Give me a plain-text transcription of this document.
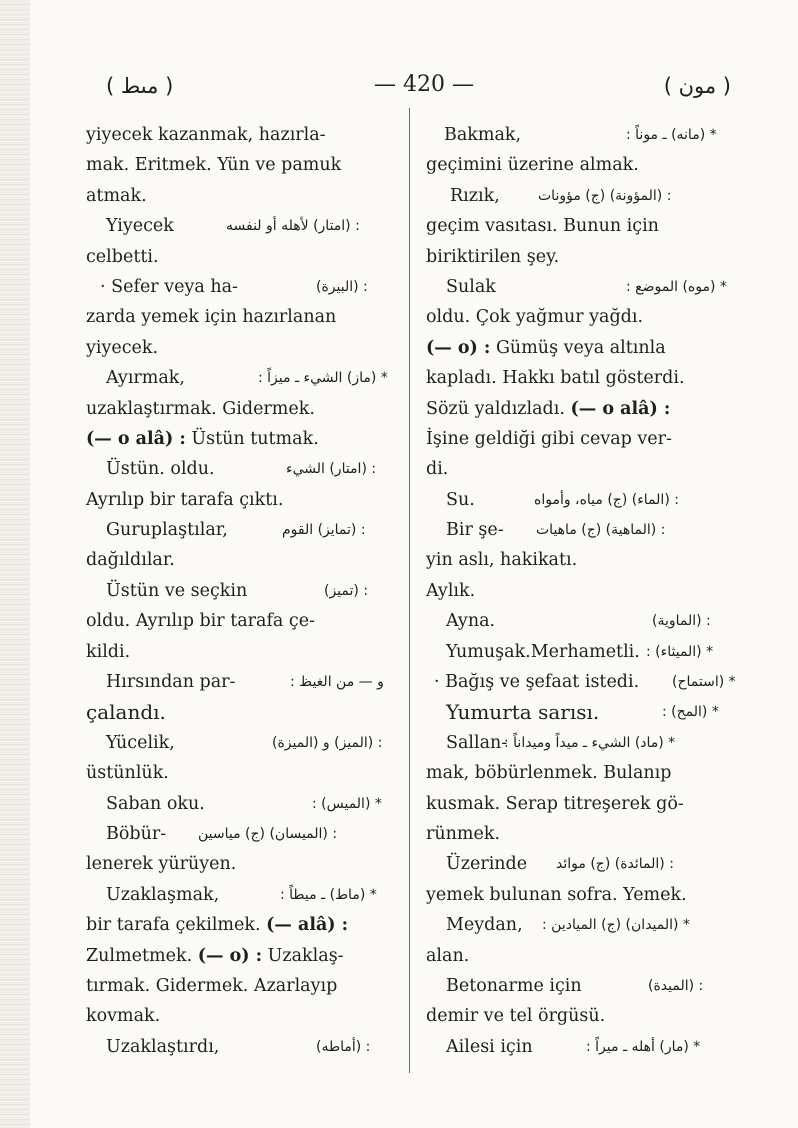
( مىط )	— 420 —	( مون )
yiyecek kazanmak, hazırla-
mak. Eritmek. Yün ve pamuk
atmak.
Yiyecek	: (امتار) لأهله أو لنفسه
celbetti.
· Sefer veya ha-	: (البيرة)
zarda yemek için hazırlanan
yiyecek.
Ayırmak,	* (ماز) الشيء ـ ميزاً :
uzaklaştırmak. Gidermek.
(— o alâ) : Üstün tutmak.
Üstün. oldu.	: (امتار) الشيء
Ayrılıp bir tarafa çıktı.
Guruplaştılar,	: (تمايز) القوم
dağıldılar.
Üstün ve seçkin	: (تميز)
oldu. Ayrılıp bir tarafa çe-
kildi.
Hırsından par-	و — من الغيظ :
çalandı.
Yücelik,	: (الميز) و (الميزة)
üstünlük.
Saban oku.	* (الميس) :
Böbür- : (الميسان) (ج) مياسين
lenerek yürüyen.
Uzaklaşmak,	* (ماط) ـ ميطاً :
bir tarafa çekilmek. (— alâ) :
Zulmetmek. (— o) : Uzaklaş-
tırmak. Gidermek. Azarlayıp
kovmak.
Uzaklaştırdı,	: (أماطه)
Bakmak,	* (مانه) ـ موناً :
geçimini üzerine almak.
Rızık,	: (المؤونة) (ج) مؤونات
geçim vasıtası. Bunun için
biriktirilen şey.
Sulak	* (موه) الموضع :
oldu. Çok yağmur yağdı.
(— o) : Gümüş veya altınla
kapladı. Hakkı batıl gösterdi.
Sözü yaldızladı. (— o alâ) :
İşine geldiği gibi cevap ver-
di.
Su.	: (الماء) (ج) مياه، وأمواه
Bir şe- : (الماهية) (ج) ماهيات
yin aslı, hakikatı.
Aylık.
Ayna.	: (الماوية)
Yumuşak.Merhametli. * (الميثاء) :
· Bağış ve şefaat istedi. * (استماح)
Yumurta sarısı.	* (المح) :
Sallan-
* (ماد) الشيء ـ ميداً وميداناً :
mak, böbürlenmek. Bulanıp
kusmak. Serap titreşerek gö-
rünmek.
Üzerinde : (المائدة) (ج) موائد
yemek bulunan sofra. Yemek.
Meydan, * (الميدان) (ج) الميادين :
alan.
Betonarme için	: (الميدة)
demir ve tel örgüsü.
Ailesi için	* (مار) أهله ـ ميراً :
